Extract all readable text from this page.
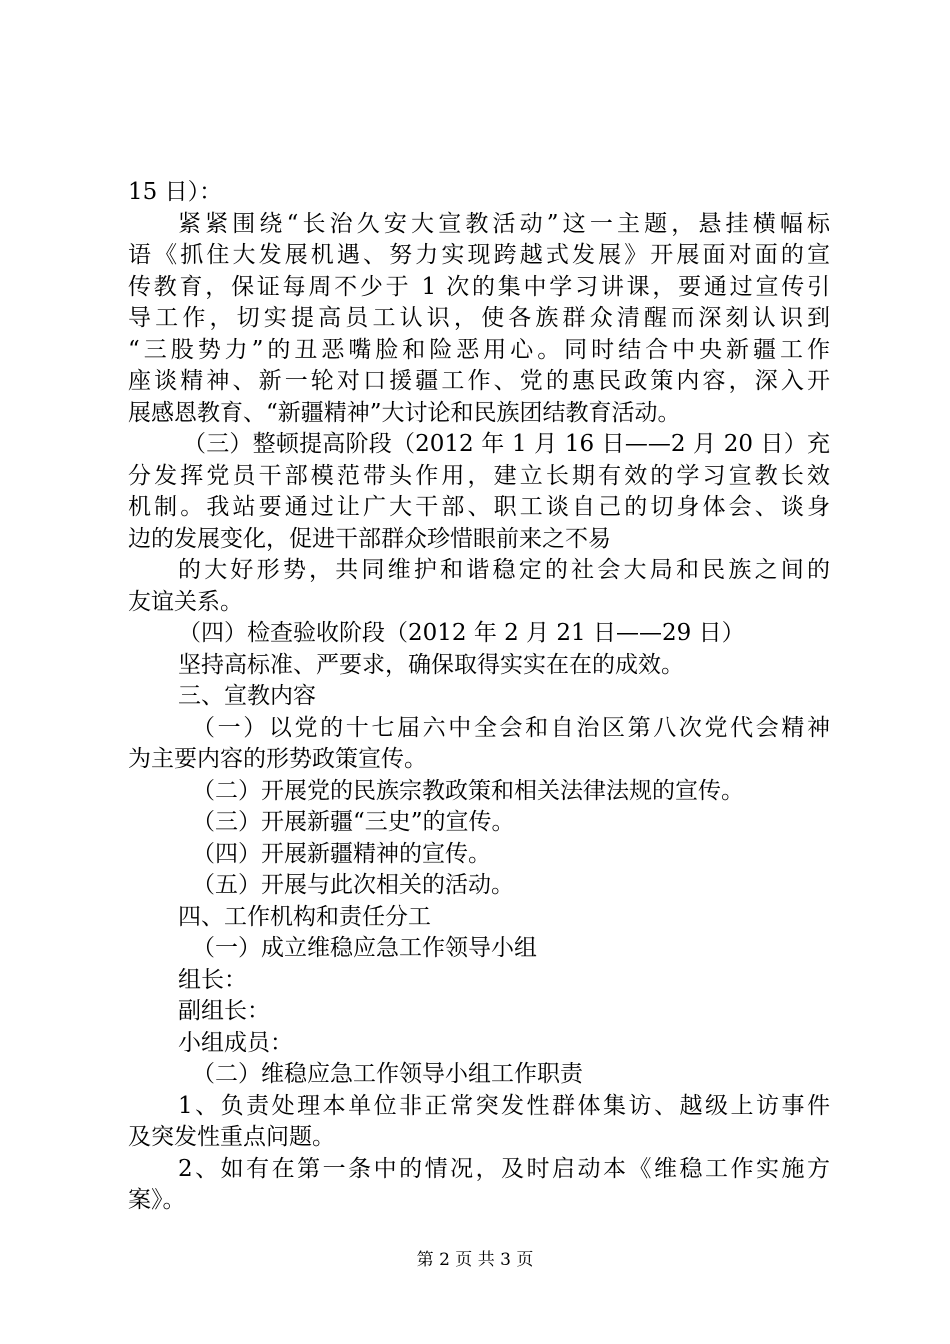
15 日）：
紧紧围绕“长治久安大宣教活动”这一主题，悬挂横幅标
语《抓住大发展机遇、努力实现跨越式发展》开展面对面的宣
传教育，保证每周不少于 1 次的集中学习讲课，要通过宣传引
导工作，切实提高员工认识，使各族群众清醒而深刻认识到
“三股势力”的丑恶嘴脸和险恶用心。同时结合中央新疆工作
座谈精神、新一轮对口援疆工作、党的惠民政策内容，深入开
展感恩教育、“新疆精神”大讨论和民族团结教育活动。
（三）整顿提高阶段（2012 年 1 月 16 日——2 月 20 日）充
分发挥党员干部模范带头作用，建立长期有效的学习宣教长效
机制。我站要通过让广大干部、职工谈自己的切身体会、谈身
边的发展变化，促进干部群众珍惜眼前来之不易
的大好形势，共同维护和谐稳定的社会大局和民族之间的
友谊关系。
（四）检查验收阶段（2012 年 2 月 21 日——29 日）
坚持高标准、严要求，确保取得实实在在的成效。
三、宣教内容
（一）以党的十七届六中全会和自治区第八次党代会精神
为主要内容的形势政策宣传。
（二）开展党的民族宗教政策和相关法律法规的宣传。
（三）开展新疆“三史”的宣传。
（四）开展新疆精神的宣传。
（五）开展与此次相关的活动。
四、工作机构和责任分工
（一）成立维稳应急工作领导小组
组长：
副组长：
小组成员：
（二）维稳应急工作领导小组工作职责
1、负责处理本单位非正常突发性群体集访、越级上访事件
及突发性重点问题。
2、如有在第一条中的情况，及时启动本《维稳工作实施方
案》。
第 2 页 共 3 页
